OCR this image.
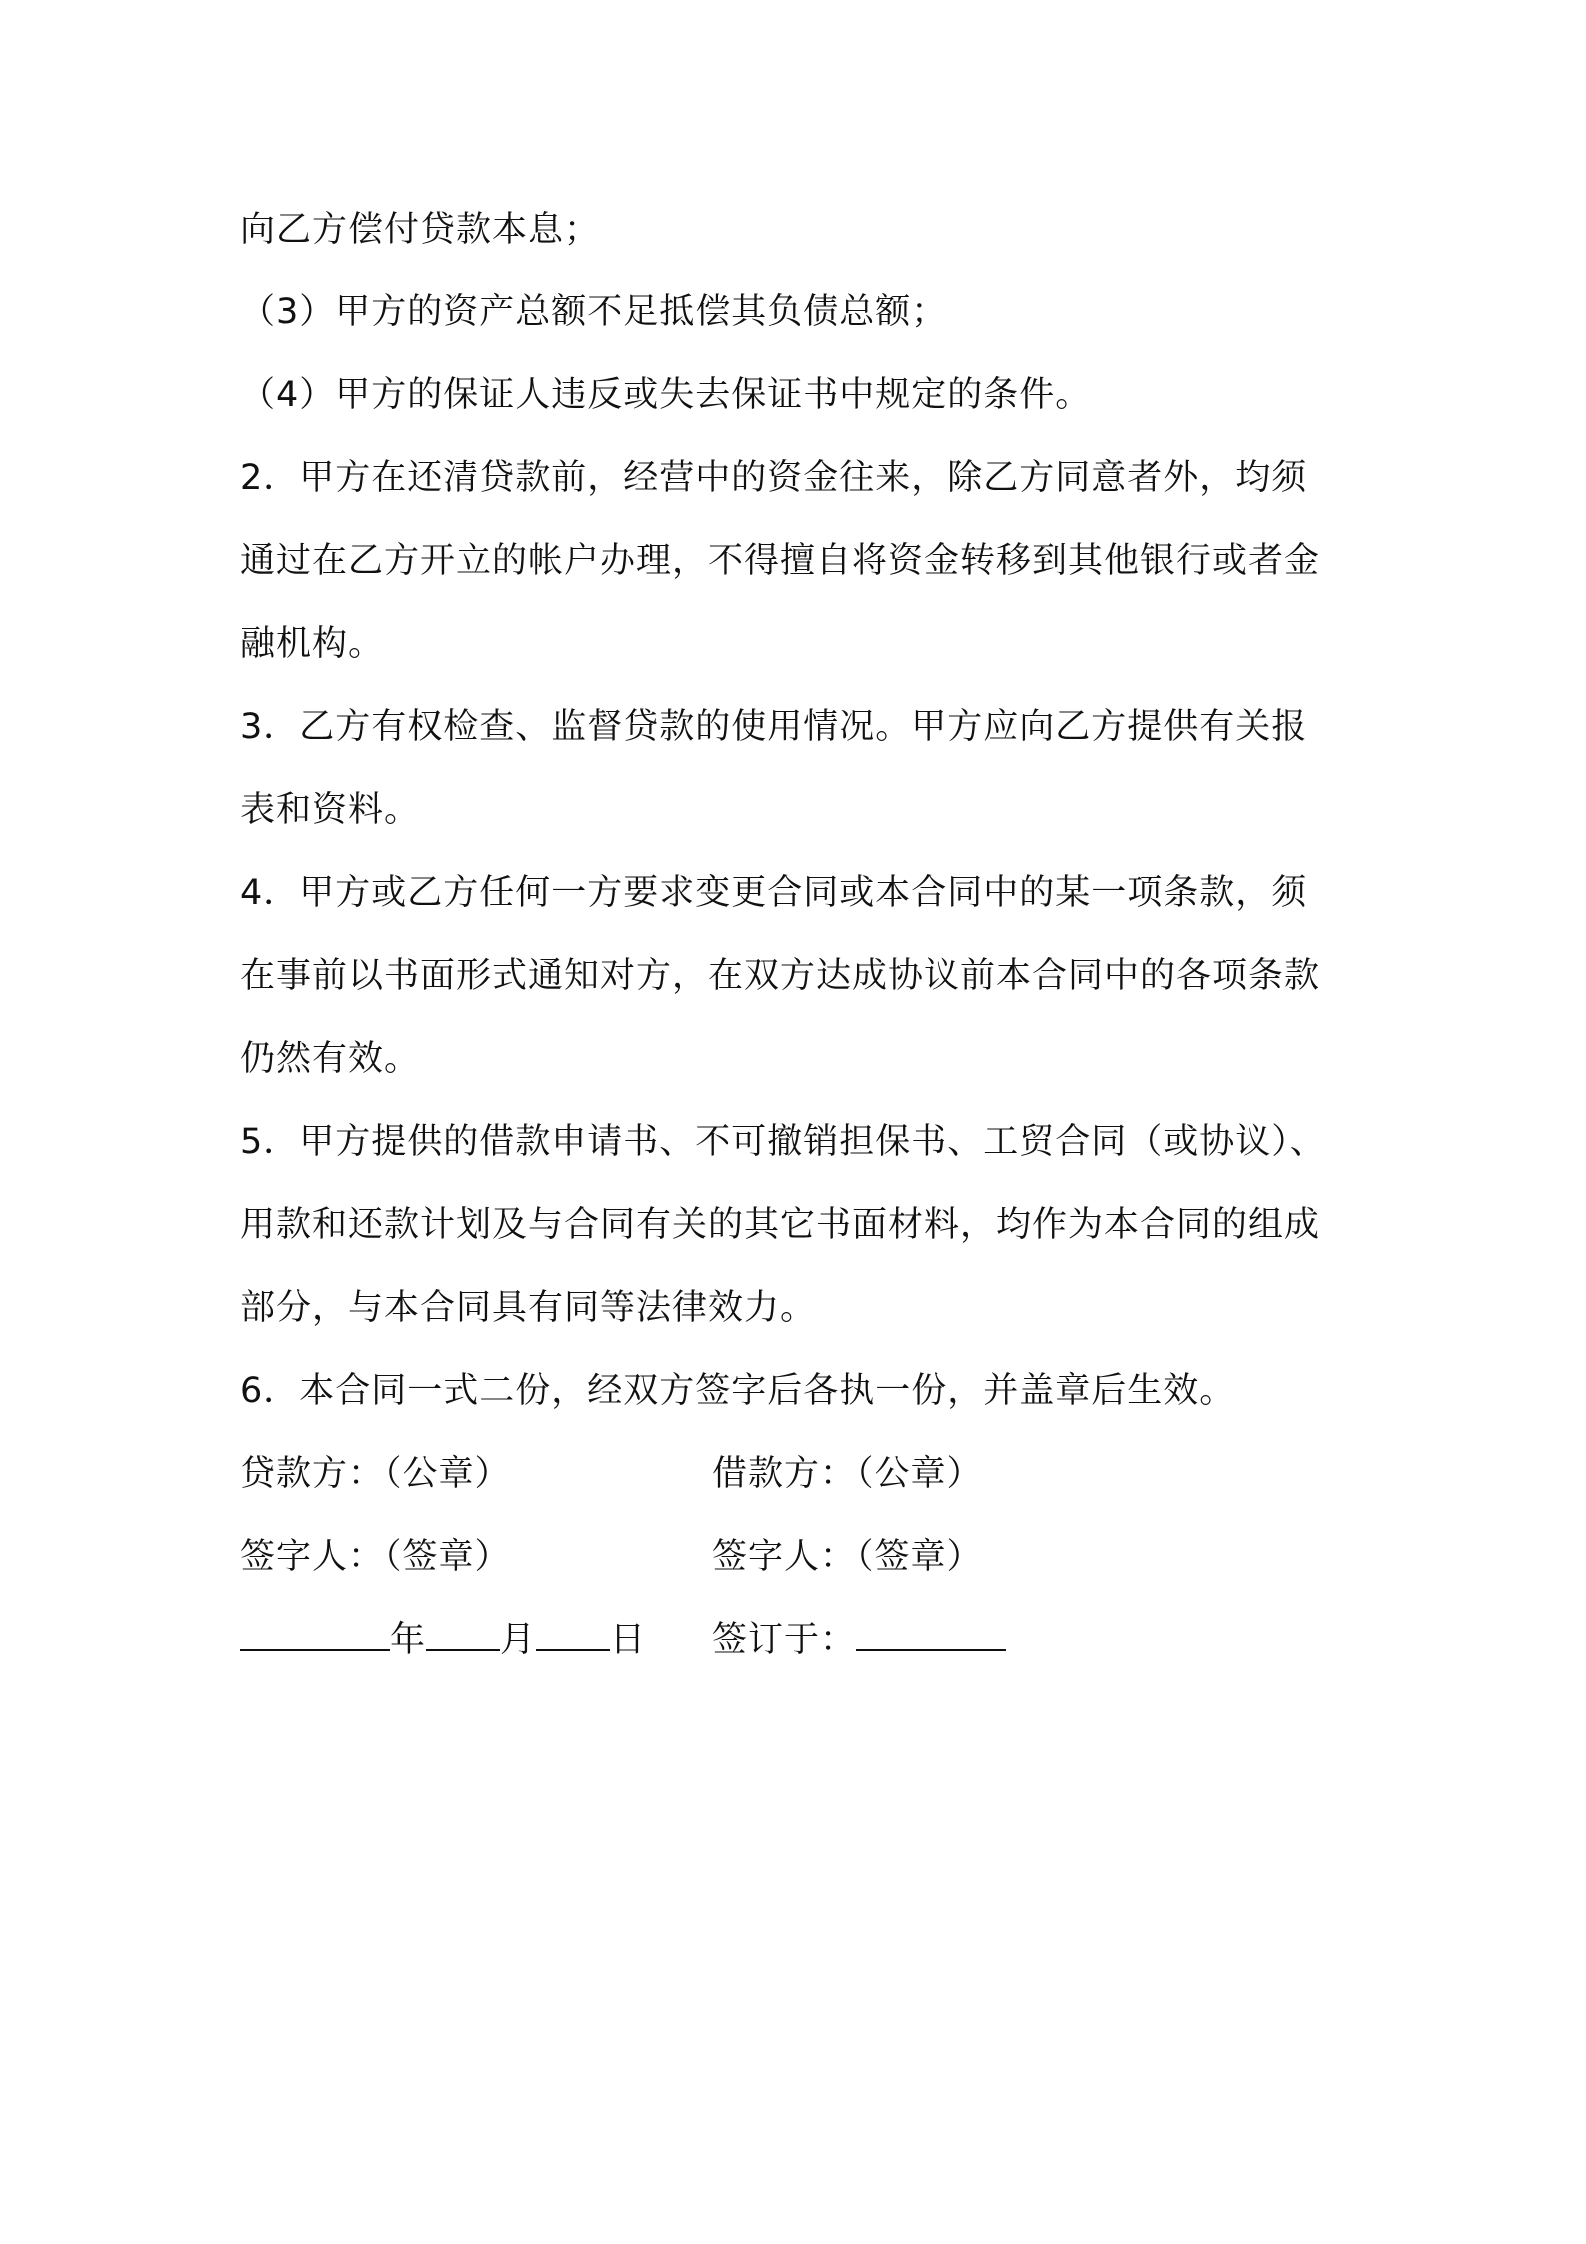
向乙方偿付贷款本息；
（3）甲方的资产总额不足抵偿其负债总额；
（4）甲方的保证人违反或失去保证书中规定的条件。
2．甲方在还清贷款前，经营中的资金往来，除乙方同意者外，均须
通过在乙方开立的帐户办理，不得擅自将资金转移到其他银行或者金
融机构。
3．乙方有权检查、监督贷款的使用情况。甲方应向乙方提供有关报
表和资料。
4．甲方或乙方任何一方要求变更合同或本合同中的某一项条款，须
在事前以书面形式通知对方，在双方达成协议前本合同中的各项条款
仍然有效。
5．甲方提供的借款申请书、不可撤销担保书、工贸合同（或协议）、
用款和还款计划及与合同有关的其它书面材料，均作为本合同的组成
部分，与本合同具有同等法律效力。
6．本合同一式二份，经双方签字后各执一份，并盖章后生效。
贷款方：（公章）	借款方：（公章）
签字人：（签章）	签字人：（签章）
年 月 日 签订于：
